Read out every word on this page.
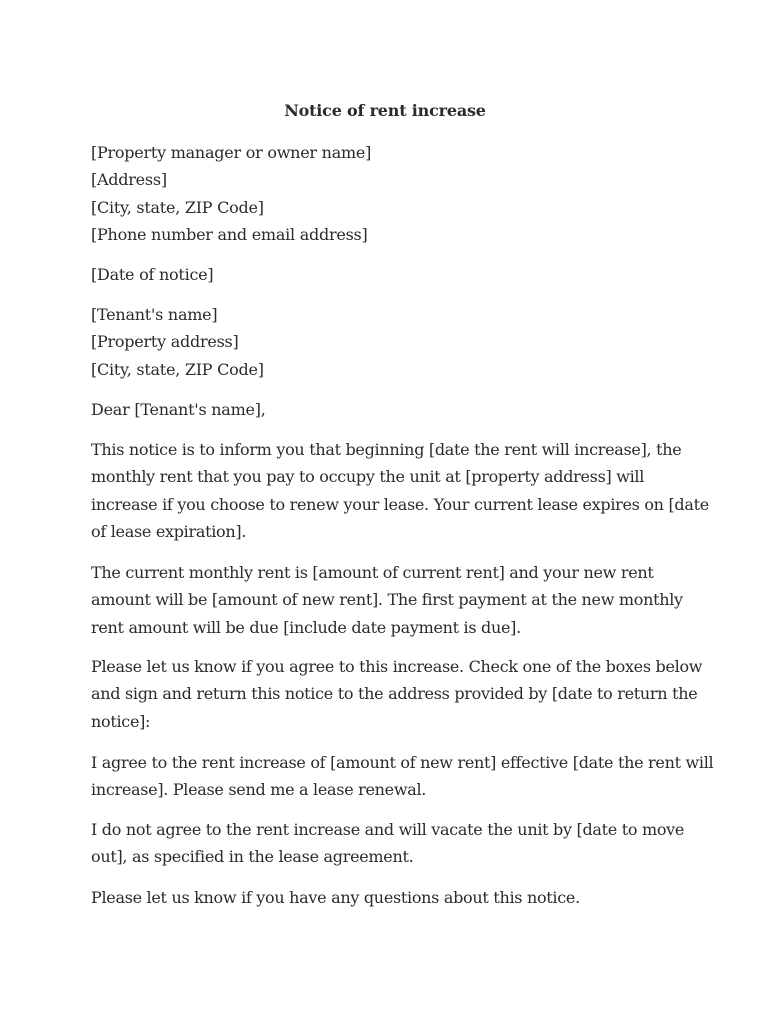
Notice of rent increase
[Property manager or owner name]
[Address]
[City, state, ZIP Code]
[Phone number and email address]
[Date of notice]
[Tenant's name]
[Property address]
[City, state, ZIP Code]
Dear [Tenant's name],
This notice is to inform you that beginning [date the rent will increase], the
monthly rent that you pay to occupy the unit at [property address] will
increase if you choose to renew your lease. Your current lease expires on [date
of lease expiration].
The current monthly rent is [amount of current rent] and your new rent
amount will be [amount of new rent]. The first payment at the new monthly
rent amount will be due [include date payment is due].
Please let us know if you agree to this increase. Check one of the boxes below
and sign and return this notice to the address provided by [date to return the
notice]:
I agree to the rent increase of [amount of new rent] effective [date the rent will
increase]. Please send me a lease renewal.
I do not agree to the rent increase and will vacate the unit by [date to move
out], as specified in the lease agreement.
Please let us know if you have any questions about this notice.
